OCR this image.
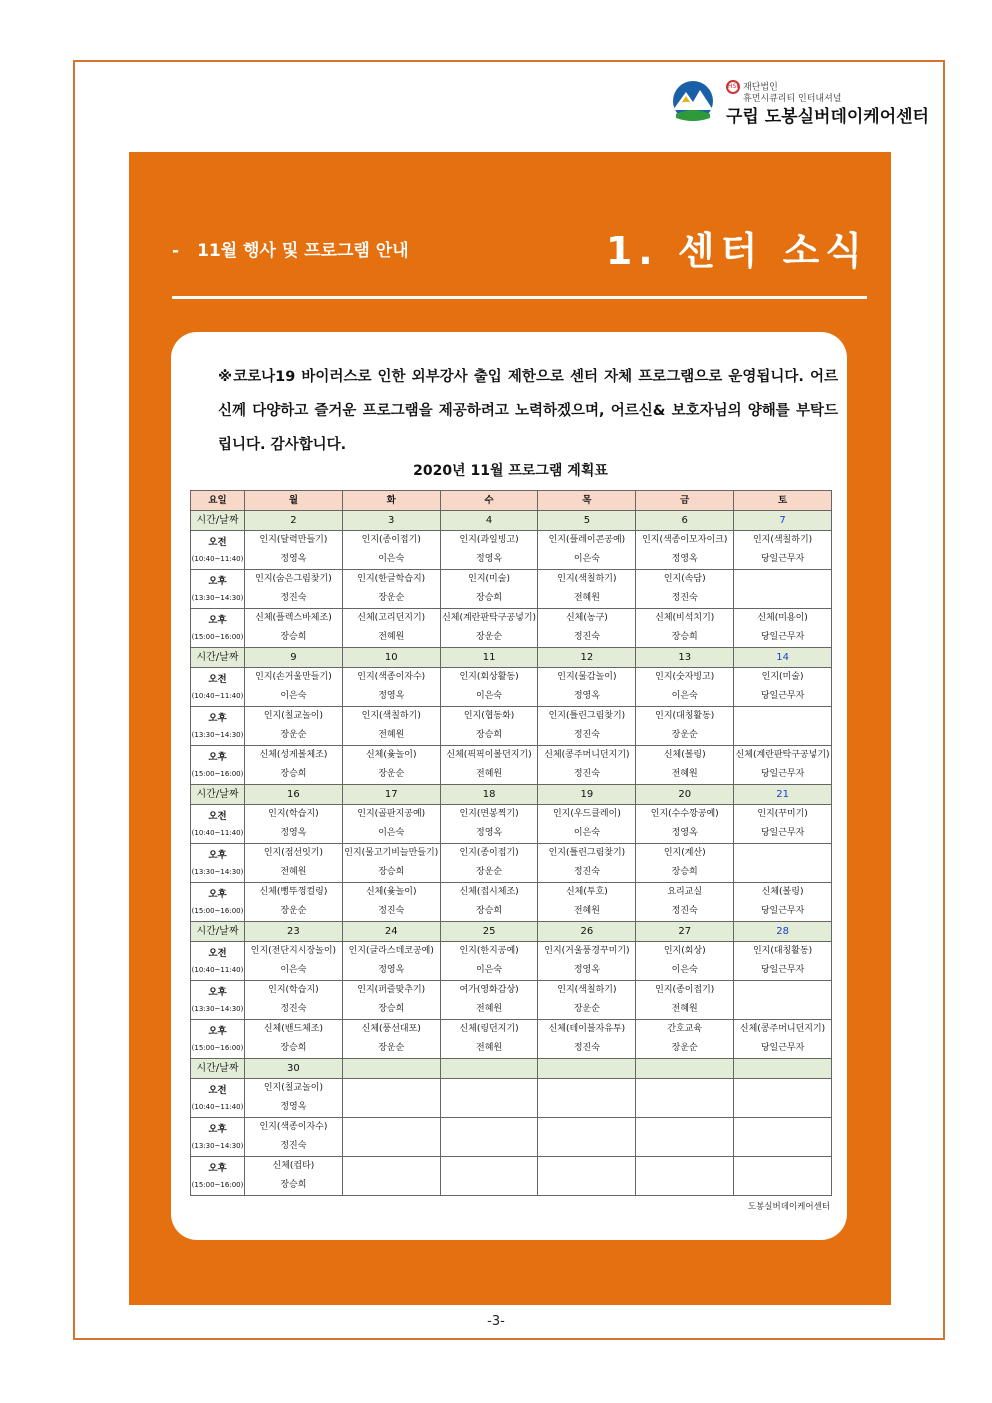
HSI 재단법인
휴먼시큐리티 인터내셔널
구립 도봉실버데이케어센터
- 11월 행사 및 프로그램 안내	1. 센터 소식

※코로나19 바이러스로 인한 외부강사 출입 제한으로 센터 자체 프로그램으로 운영됩니다. 어르신께 다양하고 즐거운 프로그램을 제공하려고 노력하겠으며, 어르신& 보호자님의 양해를 부탁드립니다. 감사합니다.

2020년 11월 프로그램 계획표
요일	월	화	수	목	금	토
시간/날짜	2	3	4	5	6	7
오전
(10:40~11:40)	인지(달력만들기)	인지(종이접기)	인지(과일빙고)	인지(플레이콘공예)	인지(색종이모자이크)	인지(색칠하기)
	정영옥	이은숙	정영옥	이은숙	정영옥	당일근무자
오후
(13:30~14:30)	인지(숨은그림찾기)	인지(한글학습지)	인지(미술)	인지(색칠하기)	인지(속담)	
	정진숙	장운순	장승희	전혜원	정진숙	
오후
(15:00~16:00)	신체(플렉스바체조)	신체(고리던지기)	신체(계란판탁구공넣기)	신체(농구)	신체(비석치기)	신체(미용이)
	장승희	전혜원	장운순	정진숙	장승희	당일근무자
시간/날짜	9	10	11	12	13	14
오전
(10:40~11:40)	인지(손거울만들기)	인지(색종이자수)	인지(회상활동)	인지(물감놀이)	인지(숫자빙고)	인지(미술)
	이은숙	정영옥	이은숙	정영옥	이은숙	당일근무자
오후
(13:30~14:30)	인지(칠교놀이)	인지(색칠하기)	인지(협동화)	인지(틀린그림찾기)	인지(대칭활동)	
	장운순	전혜원	장승희	정진숙	장운순	
오후
(15:00~16:00)	신체(성게볼체조)	신체(윷놀이)	신체(픽픽이볼던지기)	신체(콩주머니던지기)	신체(볼링)	신체(계란판탁구공넣기)
	장승희	장운순	전혜원	정진숙	전혜원	당일근무자
시간/날짜	16	17	18	19	20	21
오전
(10:40~11:40)	인지(학습지)	인지(골판지공예)	인지(면봉찍기)	인지(우드클레이)	인지(수수깡공예)	인지(꾸미기)
	정영옥	이은숙	정영옥	이은숙	정영옥	당일근무자
오후
(13:30~14:30)	인지(점선잇기)	인지(물고기비늘만들기)	인지(종이접기)	인지(틀린그림찾기)	인지(계산)	
	전혜원	장승희	장운순	정진숙	장승희	
오후
(15:00~16:00)	신체(뻥뚜껑컬링)	신체(윷놀이)	신체(접시체조)	신체(투호)	요리교실	신체(볼링)
	장운순	정진숙	장승희	전혜원	정진숙	당일근무자
시간/날짜	23	24	25	26	27	28
오전
(10:40~11:40)	인지(전단지시장놀이)	인지(글라스데코공예)	인지(한지공예)	인지(거울풍경꾸미기)	인지(회상)	인지(대칭활동)
	이은숙	정영옥	이은숙	정영옥	이은숙	당일근무자
오후
(13:30~14:30)	인지(학습지)	인지(퍼즐맞추기)	여가(영화감상)	인지(색칠하기)	인지(종이접기)	
	정진숙	장승희	전혜원	장운순	전혜원	
오후
(15:00~16:00)	신체(밴드체조)	신체(풍선대포)	신체(링던지기)	신체(테이블자유투)	간호교육	신체(콩주머니던지기)
	장승희	장운순	전혜원	정진숙	장운순	당일근무자
시간/날짜	30					
오전
(10:40~11:40)	인지(칠교놀이)					
	정영옥					
오후
(13:30~14:30)	인지(색종이자수)					
	정진숙					
오후
(15:00~16:00)	신체(컵타)					
	장승희					
도봉실버데이케어센터
-3-
